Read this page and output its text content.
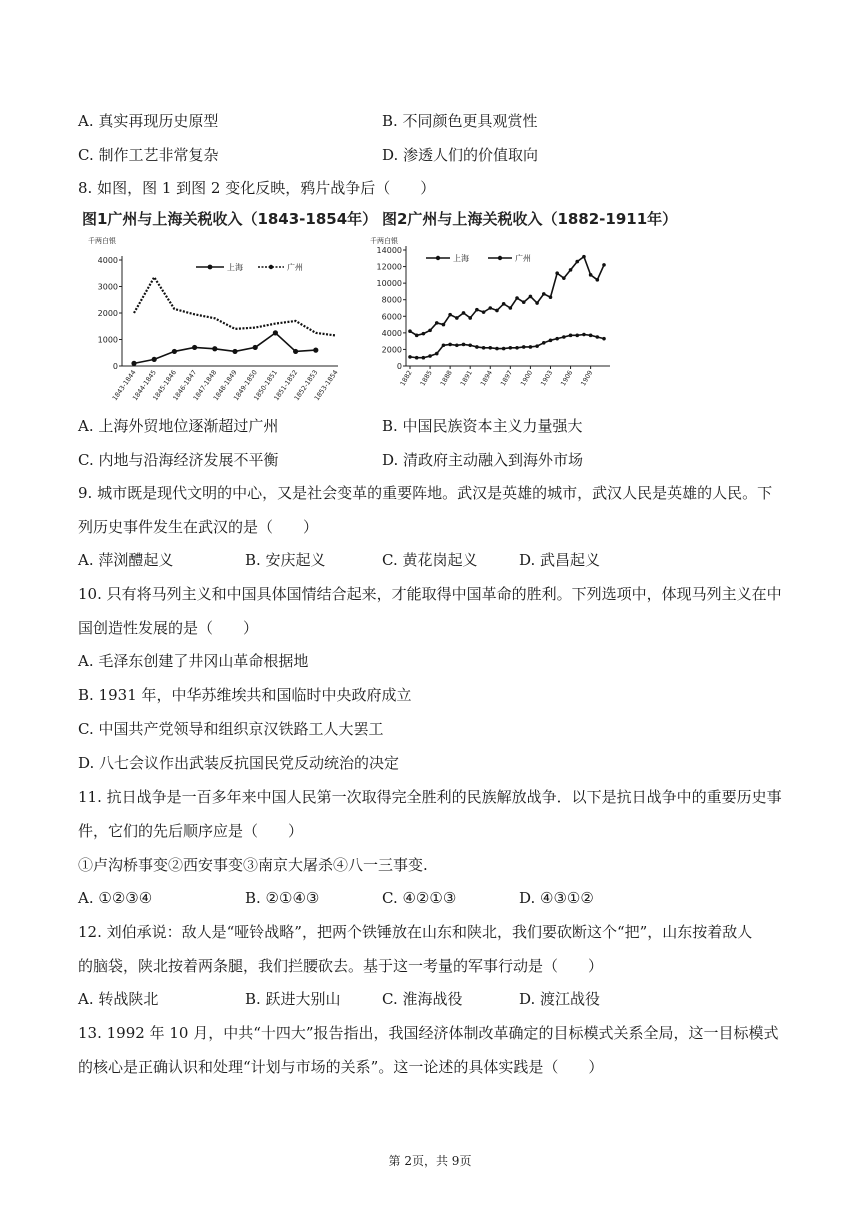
A. 真实再现历史原型	B. 不同颜色更具观赏性
C. 制作工艺非常复杂	D. 渗透人们的价值取向
8. 如图，图 1 到图 2 变化反映，鸦片战争后（　　）
图1广州与上海关税收入（1843-1854年） 图2广州与上海关税收入（1882-1911年）
千两白银
4000
3000
2000
1000
0
1843-1844
1844-1845
1845-1846
1846-1847
1847-1848
1848-1849
1849-1850
1850-1851
1851-1852
1852-1853
1853-1854
上海	广州
千两白银
14000
12000
10000
8000
6000
4000
2000
0
1882 1885 1888 1891 1894 1897 1900 1903 1906 1909
上海	广州
A. 上海外贸地位逐渐超过广州	B. 中国民族资本主义力量强大
C. 内地与沿海经济发展不平衡	D. 清政府主动融入到海外市场
9. 城市既是现代文明的中心，又是社会变革的重要阵地。武汉是英雄的城市，武汉人民是英雄的人民。下
列历史事件发生在武汉的是（　　）
A. 萍浏醴起义	B. 安庆起义	C. 黄花岗起义	D. 武昌起义
10. 只有将马列主义和中国具体国情结合起来，才能取得中国革命的胜利。下列选项中，体现马列主义在中
国创造性发展的是（　　）
A. 毛泽东创建了井冈山革命根据地
B. 1931 年，中华苏维埃共和国临时中央政府成立
C. 中国共产党领导和组织京汉铁路工人大罢工
D. 八七会议作出武装反抗国民党反动统治的决定
11. 抗日战争是一百多年来中国人民第一次取得完全胜利的民族解放战争．以下是抗日战争中的重要历史事
件，它们的先后顺序应是（　　）
①卢沟桥事变②西安事变③南京大屠杀④八一三事变.
A. ①②③④	B. ②①④③	C. ④②①③	D. ④③①②
12. 刘伯承说：敌人是“哑铃战略”，把两个铁锤放在山东和陕北，我们要砍断这个“把”，山东按着敌人
的脑袋，陕北按着两条腿，我们拦腰砍去。基于这一考量的军事行动是（　　）
A. 转战陕北	B. 跃进大别山	C. 淮海战役	D. 渡江战役
13. 1992 年 10 月，中共“十四大”报告指出，我国经济体制改革确定的目标模式关系全局，这一目标模式
的核心是正确认识和处理“计划与市场的关系”。这一论述的具体实践是（　　）
第 2页，共 9页
